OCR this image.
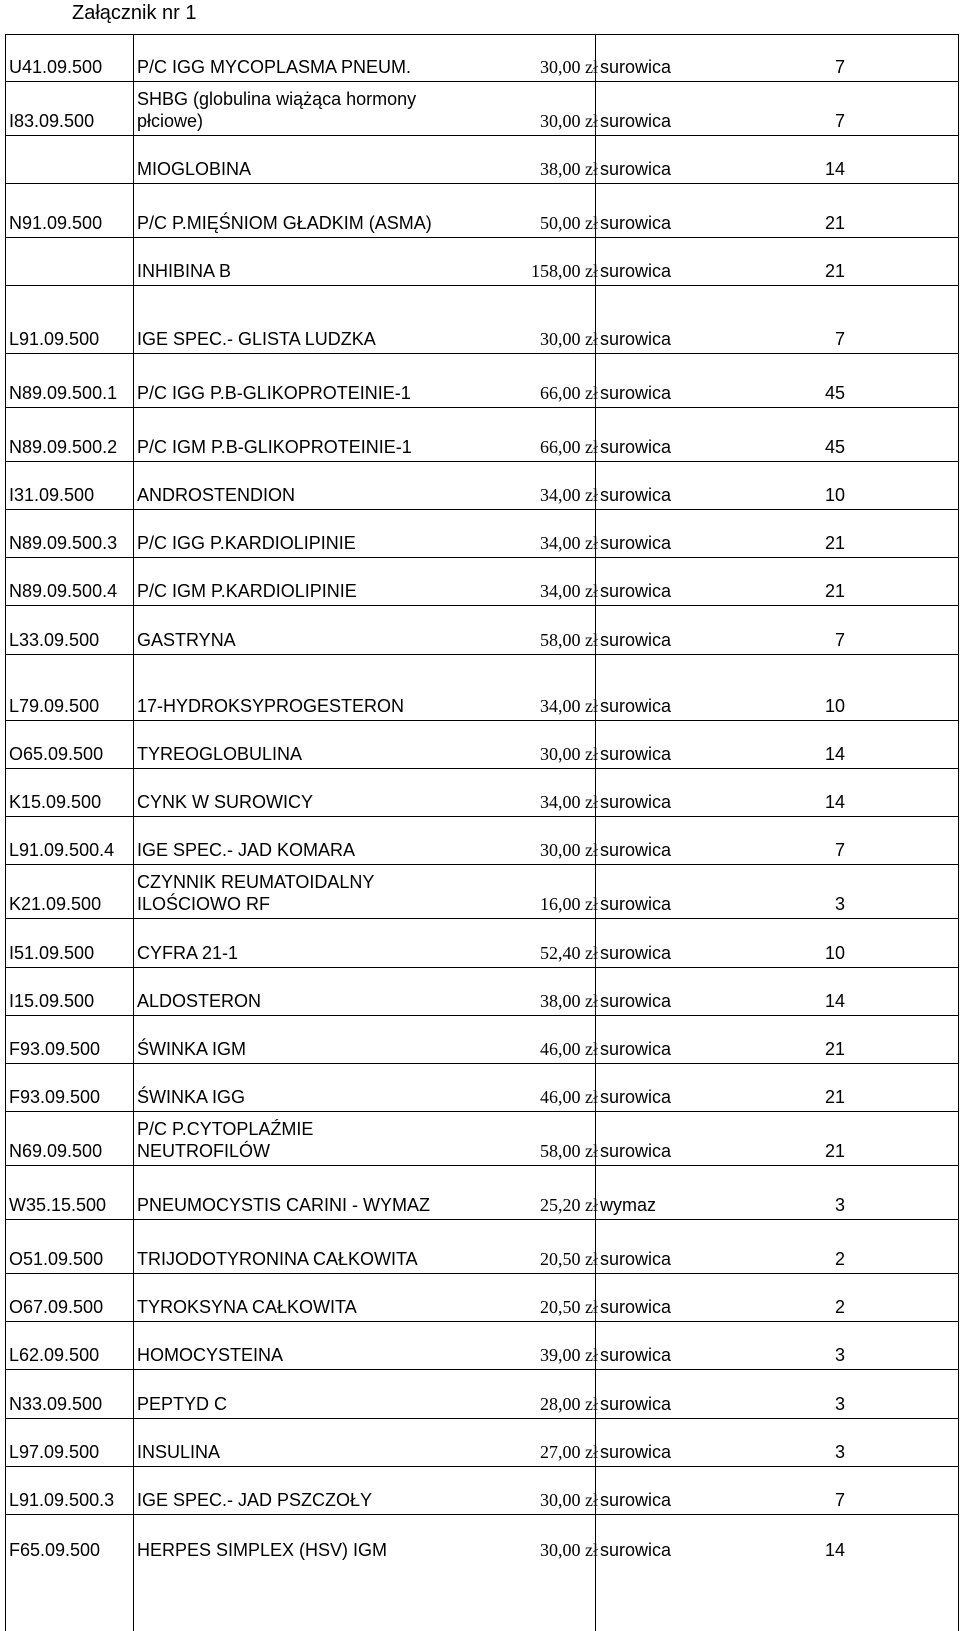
Załącznik nr 1
U41.09.500 P/C IGG MYCOPLASMA PNEUM.	30,00 zł surowica	7
I83.09.500
SHBG (globulina wiążąca hormony
płciowe)	30,00 zł surowica	7
MIOGLOBINA	38,00 zł surowica	14
N91.09.500 P/C P.MIĘŚNIOM GŁADKIM (ASMA)	50,00 zł surowica	21
INHIBINA B	158,00 zł surowica	21
L91.09.500 IGE SPEC.- GLISTA LUDZKA	30,00 zł surowica	7
N89.09.500.1 P/C IGG P.B-GLIKOPROTEINIE-1	66,00 zł surowica	45
N89.09.500.2 P/C IGM P.B-GLIKOPROTEINIE-1	66,00 zł surowica	45
I31.09.500 ANDROSTENDION	34,00 zł surowica	10
N89.09.500.3 P/C IGG P.KARDIOLIPINIE	34,00 zł surowica	21
N89.09.500.4 P/C IGM P.KARDIOLIPINIE	34,00 zł surowica	21
L33.09.500 GASTRYNA	58,00 zł surowica	7
L79.09.500 17-HYDROKSYPROGESTERON	34,00 zł surowica	10
O65.09.500 TYREOGLOBULINA	30,00 zł surowica	14
K15.09.500 CYNK W SUROWICY	34,00 zł surowica	14
L91.09.500.4 IGE SPEC.- JAD KOMARA	30,00 zł surowica	7
K21.09.500
CZYNNIK REUMATOIDALNY
ILOŚCIOWO RF	16,00 zł surowica	3
I51.09.500 CYFRA 21-1	52,40 zł surowica	10
I15.09.500 ALDOSTERON	38,00 zł surowica	14
F93.09.500 ŚWINKA IGM	46,00 zł surowica	21
F93.09.500 ŚWINKA IGG	46,00 zł surowica	21
N69.09.500
P/C P.CYTOPLAŹMIE
NEUTROFILÓW	58,00 zł surowica	21
W35.15.500 PNEUMOCYSTIS CARINI - WYMAZ	25,20 zł wymaz	3
O51.09.500 TRIJODOTYRONINA CAŁKOWITA	20,50 zł surowica	2
O67.09.500 TYROKSYNA CAŁKOWITA	20,50 zł surowica	2
L62.09.500 HOMOCYSTEINA	39,00 zł surowica	3
N33.09.500 PEPTYD C	28,00 zł surowica	3
L97.09.500 INSULINA	27,00 zł surowica	3
L91.09.500.3 IGE SPEC.- JAD PSZCZOŁY	30,00 zł surowica	7
F65.09.500 HERPES SIMPLEX (HSV) IGM	30,00 zł surowica	14
